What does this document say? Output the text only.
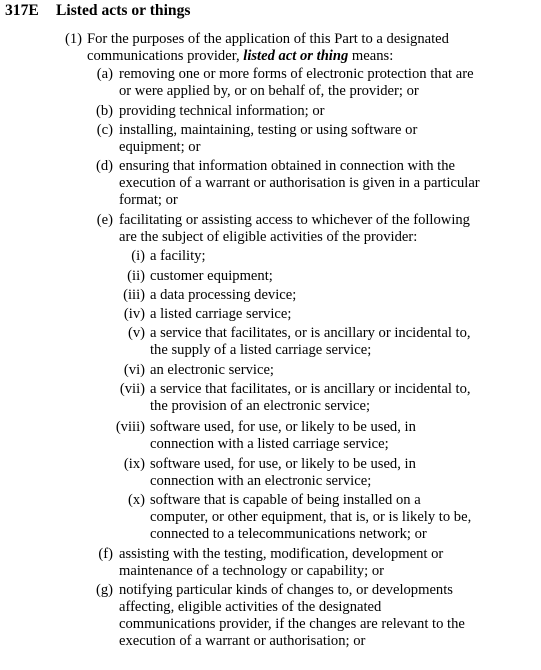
317E Listed acts or things
(1) For the purposes of the application of this Part to a designated
communications provider, listed act or thing means:
(a) removing one or more forms of electronic protection that are
or were applied by, or on behalf of, the provider; or
(b) providing technical information; or
(c) installing, maintaining, testing or using software or
equipment; or
(d) ensuring that information obtained in connection with the
execution of a warrant or authorisation is given in a particular
format; or
(e) facilitating or assisting access to whichever of the following
are the subject of eligible activities of the provider:
(i) a facility;
(ii) customer equipment;
(iii) a data processing device;
(iv) a listed carriage service;
(v) a service that facilitates, or is ancillary or incidental to,
the supply of a listed carriage service;
(vi) an electronic service;
(vii) a service that facilitates, or is ancillary or incidental to,
the provision of an electronic service;
(viii) software used, for use, or likely to be used, in
connection with a listed carriage service;
(ix) software used, for use, or likely to be used, in
connection with an electronic service;
(x) software that is capable of being installed on a
computer, or other equipment, that is, or is likely to be,
connected to a telecommunications network; or
(f) assisting with the testing, modification, development or
maintenance of a technology or capability; or
(g) notifying particular kinds of changes to, or developments
affecting, eligible activities of the designated
communications provider, if the changes are relevant to the
execution of a warrant or authorisation; or
